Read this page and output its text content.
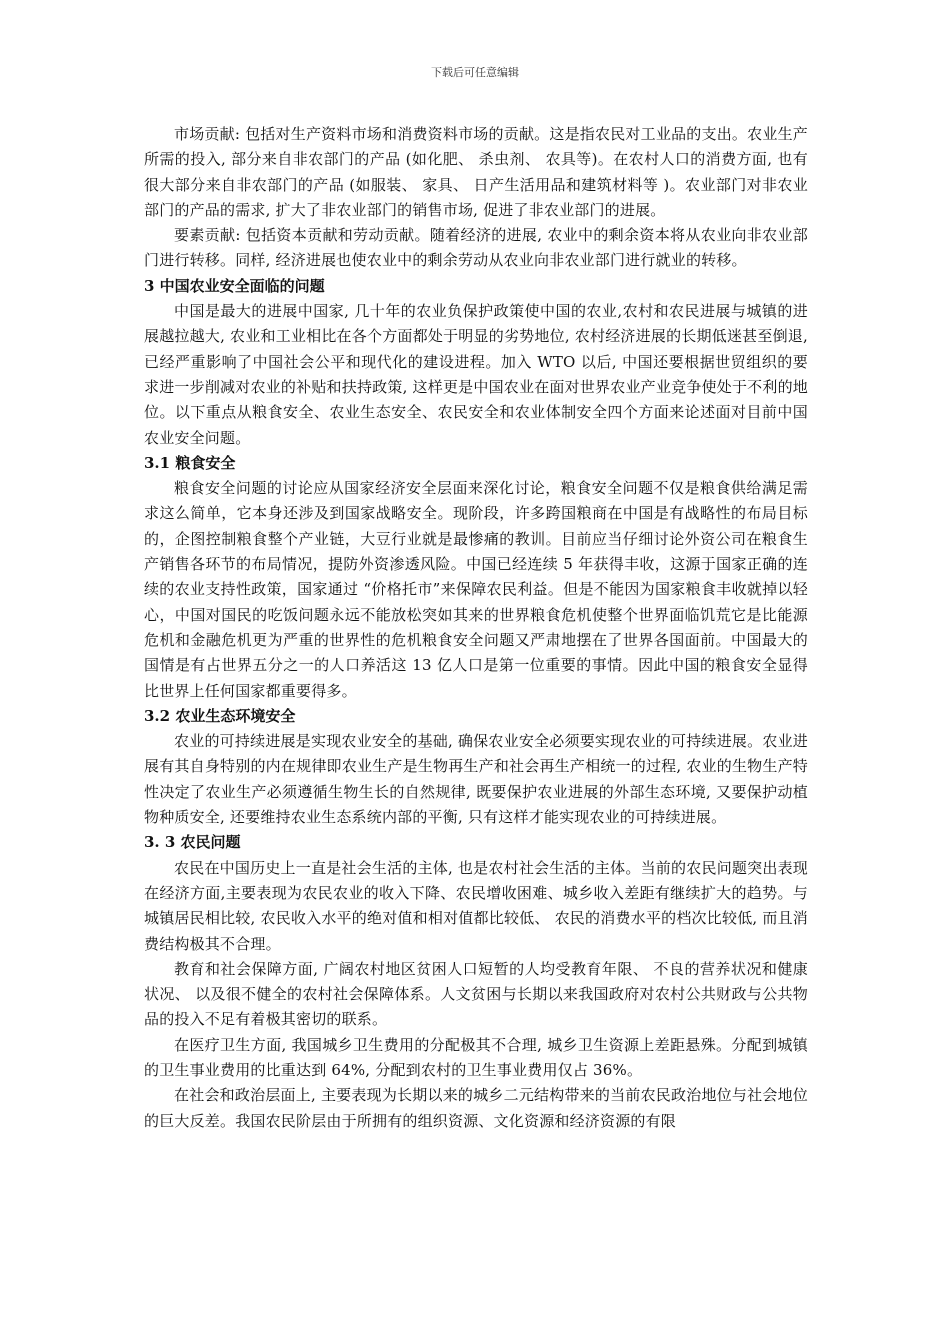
下载后可任意编辑

市场贡献: 包括对生产资料市场和消费资料市场的贡献。这是指农民对工业品的支出。农业生产所需的投入, 部分来自非农部门的产品 (如化肥、 杀虫剂、 农具等)。在农村人口的消费方面, 也有很大部分来自非农部门的产品 (如服装、 家具、 日产生活用品和建筑材料等 )。农业部门对非农业部门的产品的需求, 扩大了非农业部门的销售市场, 促进了非农业部门的进展。

要素贡献: 包括资本贡献和劳动贡献。随着经济的进展, 农业中的剩余资本将从农业向非农业部门进行转移。同样, 经济进展也使农业中的剩余劳动从农业向非农业部门进行就业的转移。

3 中国农业安全面临的问题

中国是最大的进展中国家, 几十年的农业负保护政策使中国的农业,农村和农民进展与城镇的进展越拉越大, 农业和工业相比在各个方面都处于明显的劣势地位, 农村经济进展的长期低迷甚至倒退, 已经严重影响了中国社会公平和现代化的建设进程。加入 WTO 以后, 中国还要根据世贸组织的要求进一步削减对农业的补贴和扶持政策, 这样更是中国农业在面对世界农业产业竞争使处于不利的地位。以下重点从粮食安全、农业生态安全、农民安全和农业体制安全四个方面来论述面对目前中国农业安全问题。

3.1 粮食安全

粮食安全问题的讨论应从国家经济安全层面来深化讨论，粮食安全问题不仅是粮食供给满足需求这么简单，它本身还涉及到国家战略安全。现阶段，许多跨国粮商在中国是有战略性的布局目标的，企图控制粮食整个产业链，大豆行业就是最惨痛的教训。目前应当仔细讨论外资公司在粮食生产销售各环节的布局情况，提防外资渗透风险。中国已经连续 5 年获得丰收，这源于国家正确的连续的农业支持性政策，国家通过 “价格托市”来保障农民利益。但是不能因为国家粮食丰收就掉以轻心，中国对国民的吃饭问题永远不能放松突如其来的世界粮食危机使整个世界面临饥荒它是比能源危机和金融危机更为严重的世界性的危机粮食安全问题又严肃地摆在了世界各国面前。中国最大的国情是有占世界五分之一的人口养活这 13 亿人口是第一位重要的事情。因此中国的粮食安全显得比世界上任何国家都重要得多。

3.2 农业生态环境安全

农业的可持续进展是实现农业安全的基础, 确保农业安全必须要实现农业的可持续进展。农业进展有其自身特别的内在规律即农业生产是生物再生产和社会再生产相统一的过程, 农业的生物生产特性决定了农业生产必须遵循生物生长的自然规律, 既要保护农业进展的外部生态环境, 又要保护动植物种质安全, 还要维持农业生态系统内部的平衡, 只有这样才能实现农业的可持续进展。

3. 3 农民问题

农民在中国历史上一直是社会生活的主体, 也是农村社会生活的主体。当前的农民问题突出表现在经济方面,主要表现为农民农业的收入下降、农民增收困难、城乡收入差距有继续扩大的趋势。与城镇居民相比较, 农民收入水平的绝对值和相对值都比较低、 农民的消费水平的档次比较低, 而且消费结构极其不合理。

教育和社会保障方面, 广阔农村地区贫困人口短暂的人均受教育年限、 不良的营养状况和健康状况、 以及很不健全的农村社会保障体系。人文贫困与长期以来我国政府对农村公共财政与公共物品的投入不足有着极其密切的联系。

在医疗卫生方面, 我国城乡卫生费用的分配极其不合理, 城乡卫生资源上差距悬殊。分配到城镇的卫生事业费用的比重达到 64%, 分配到农村的卫生事业费用仅占 36%。

在社会和政治层面上, 主要表现为长期以来的城乡二元结构带来的当前农民政治地位与社会地位的巨大反差。我国农民阶层由于所拥有的组织资源、文化资源和经济资源的有限
